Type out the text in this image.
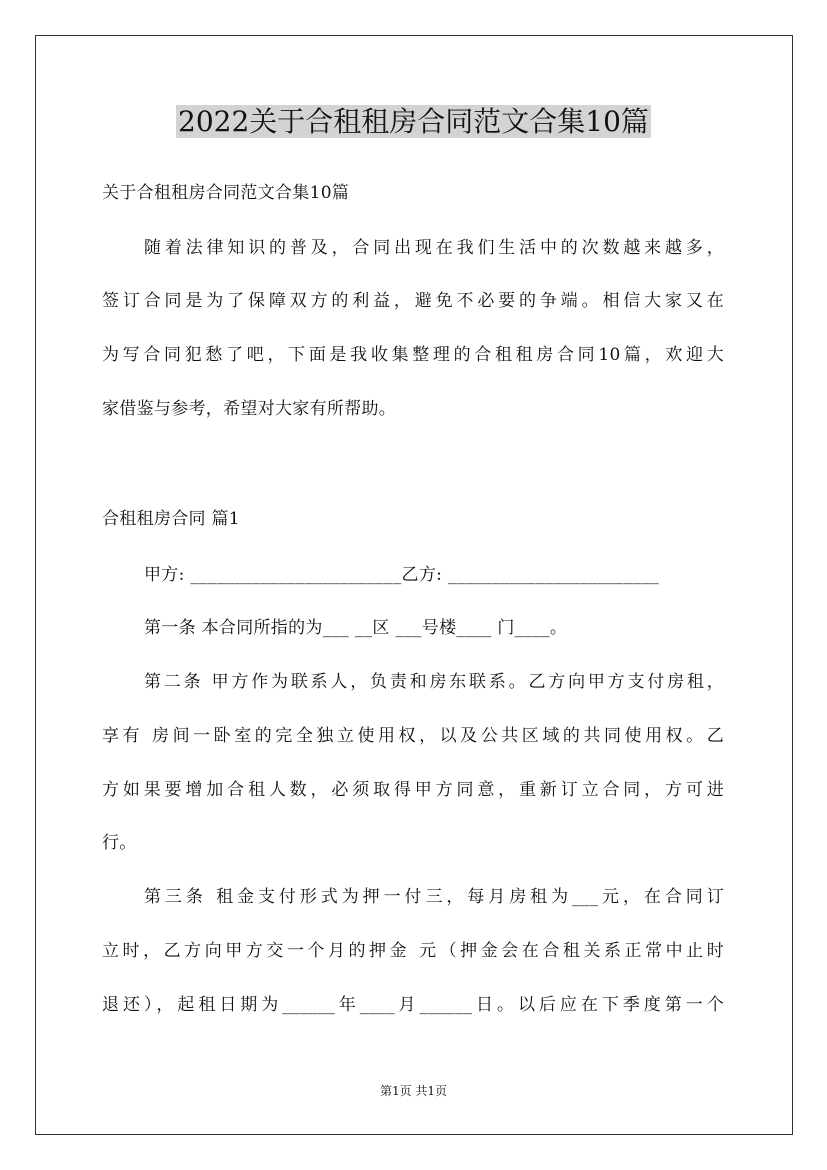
2022关于合租租房合同范文合集10篇
关于合租租房合同范文合集10篇
随着法律知识的普及，合同出现在我们生活中的次数越来越多，
签订合同是为了保障双方的利益，避免不必要的争端。相信大家又在
为写合同犯愁了吧，下面是我收集整理的合租租房合同10篇，欢迎大
家借鉴与参考，希望对大家有所帮助。
合租租房合同 篇1
甲方: ________________________乙方: ________________________
第一条 本合同所指的为___ __区 ___号楼____ 门____。
第二条 甲方作为联系人，负责和房东联系。乙方向甲方支付房租，
享有 房间一卧室的完全独立使用权，以及公共区域的共同使用权。乙
方如果要增加合租人数，必须取得甲方同意，重新订立合同，方可进
行。
第三条 租金支付形式为押一付三，每月房租为___元，在合同订
立时，乙方向甲方交一个月的押金 元（押金会在合租关系正常中止时
退还），起租日期为______年____月______日。以后应在下季度第一个
第1页 共1页
